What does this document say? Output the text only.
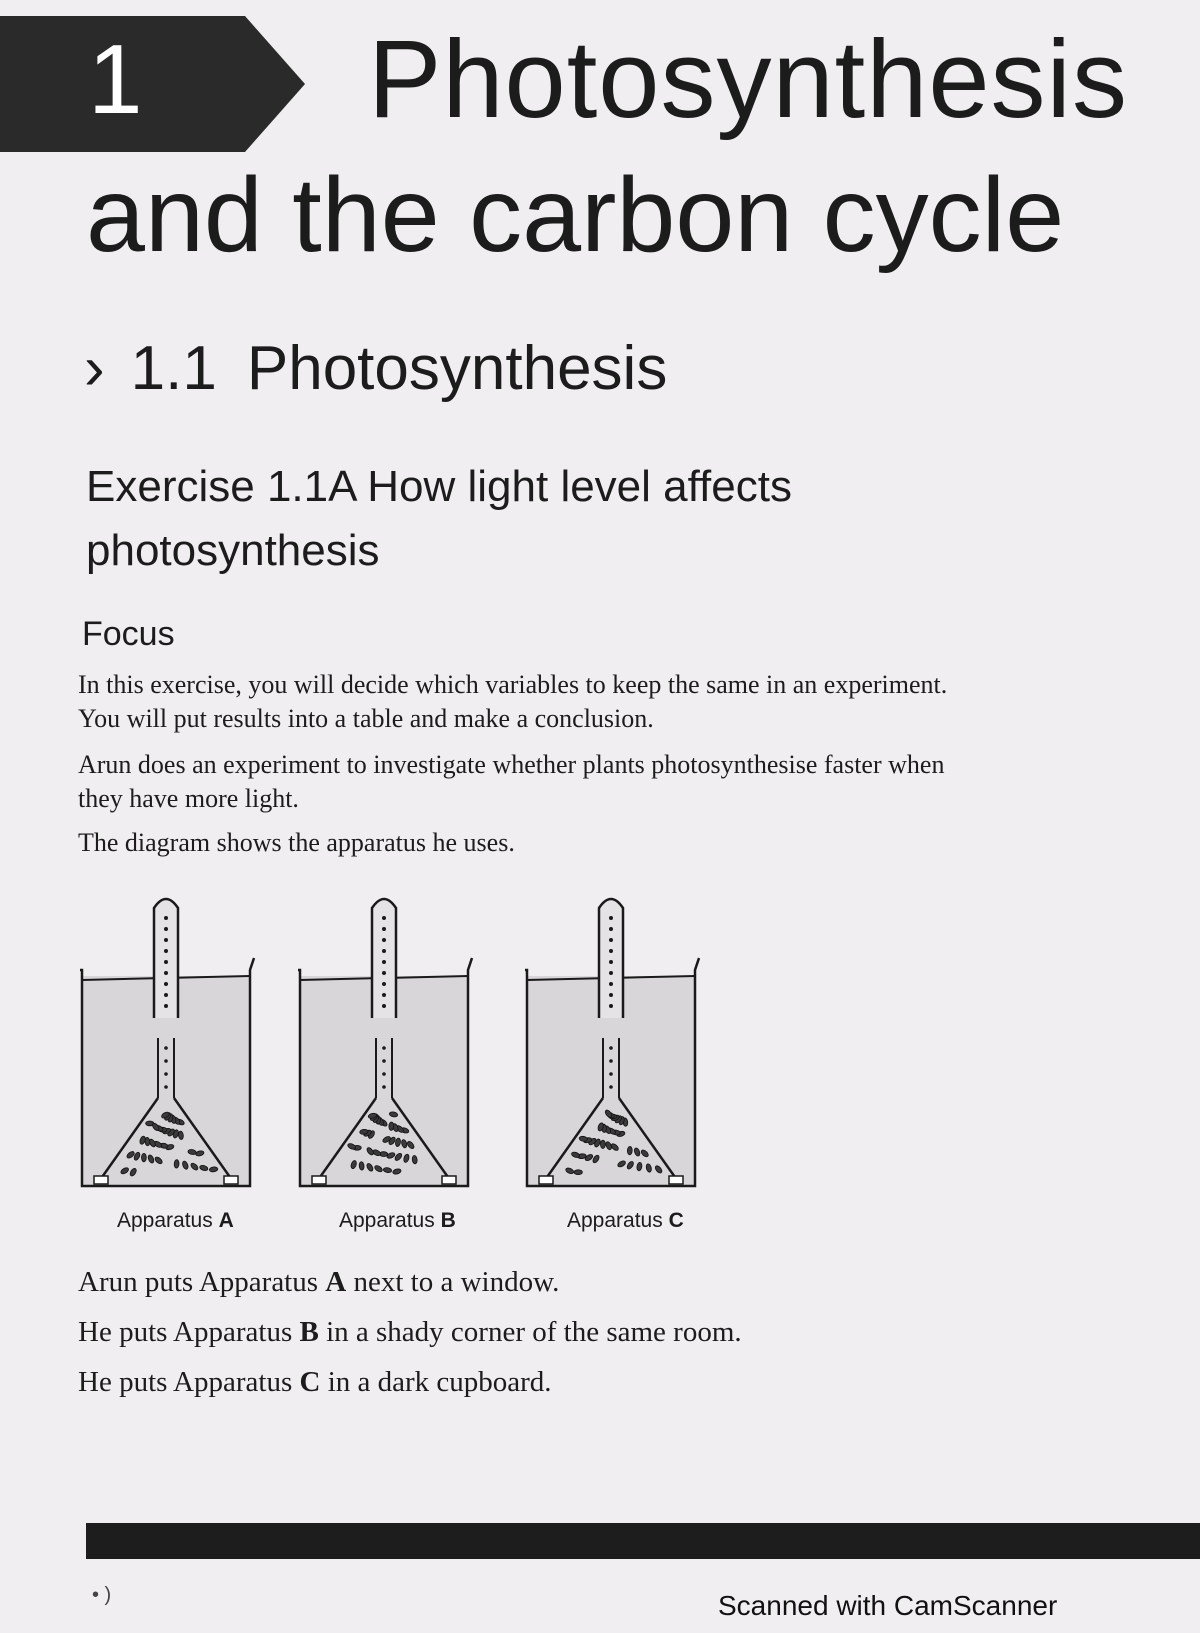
1 Photosynthesis
and the carbon cycle
› 1.1 Photosynthesis
Exercise 1.1A How light level affects photosynthesis
Focus
In this exercise, you will decide which variables to keep the same in an experiment. You will put results into a table and make a conclusion.
Arun does an experiment to investigate whether plants photosynthesise faster when they have more light.
The diagram shows the apparatus he uses.
Apparatus A	Apparatus B	Apparatus C
Arun puts Apparatus A next to a window.
He puts Apparatus B in a shady corner of the same room.
He puts Apparatus C in a dark cupboard.
• )	Scanned with CamScanner
